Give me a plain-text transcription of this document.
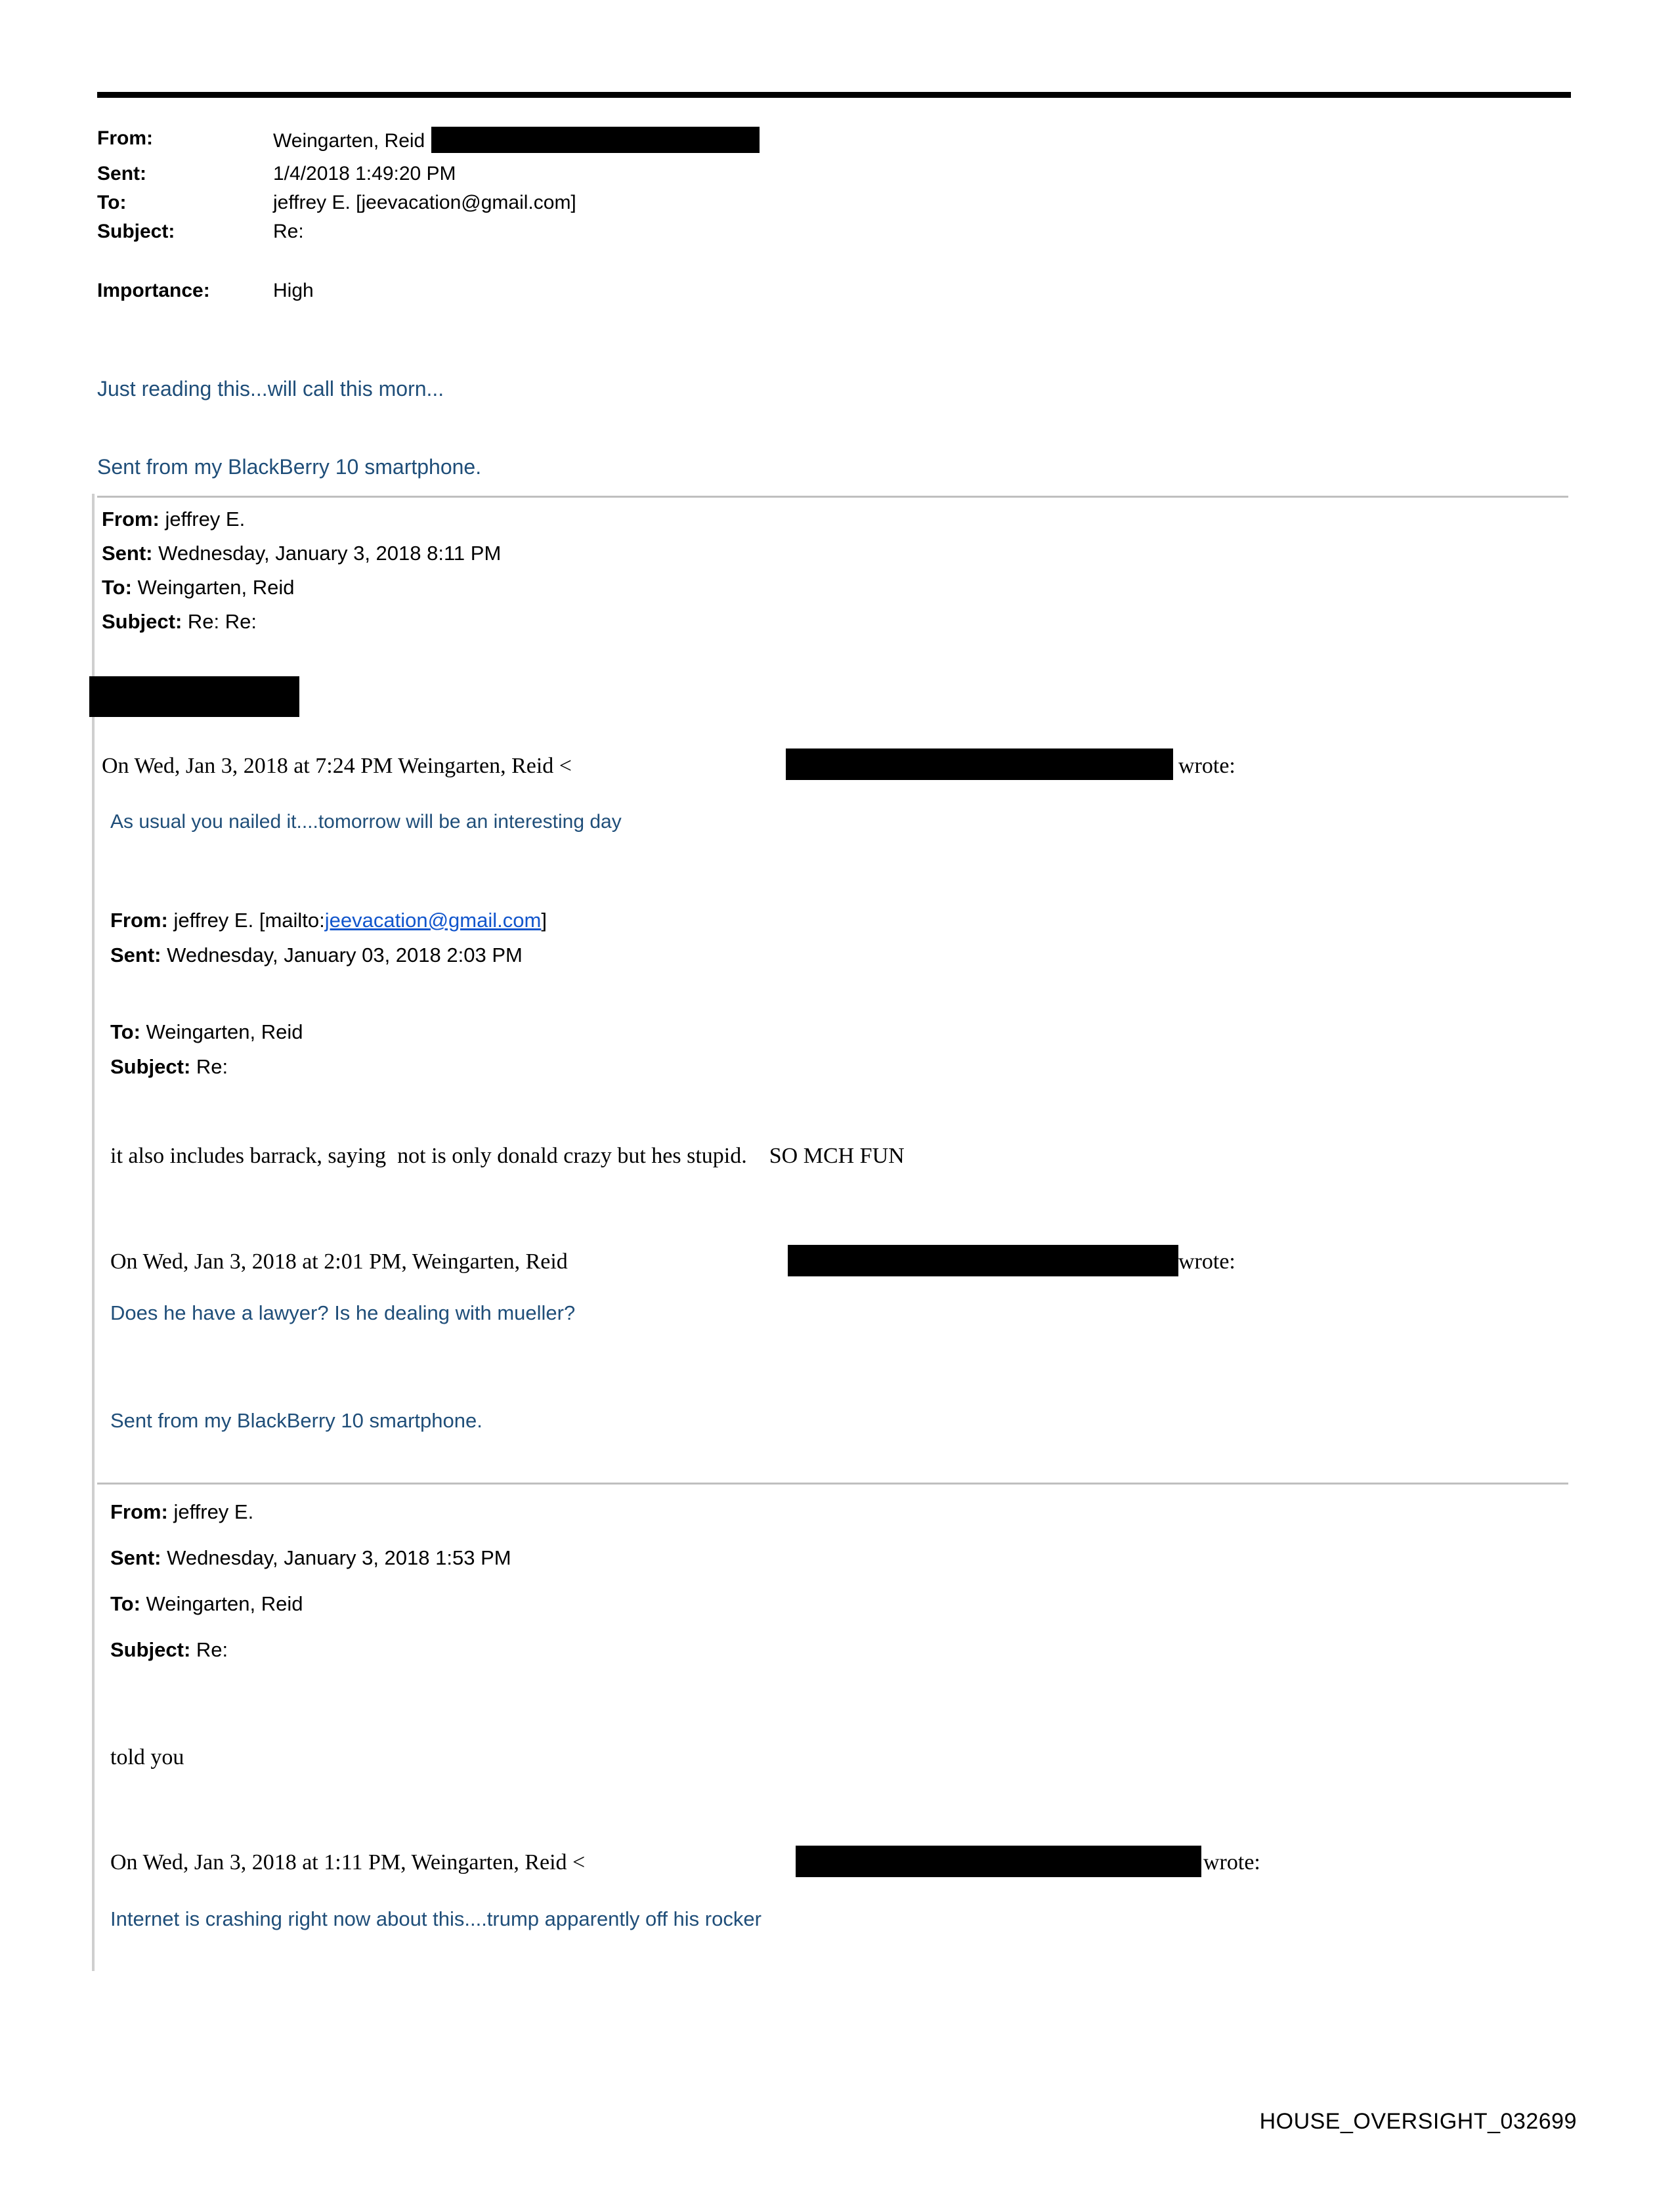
From:	Weingarten, Reid
Sent:	1/4/2018 1:49:20 PM
To:	jeffrey E. [jeevacation@gmail.com]
Subject:	Re:
Importance:	High
Just reading this...will call this morn...
Sent from my BlackBerry 10 smartphone.
From: jeffrey E.
Sent: Wednesday, January 3, 2018 8:11 PM
To: Weingarten, Reid
Subject: Re: Re:
On Wed, Jan 3, 2018 at 7:24 PM Weingarten, Reid <	wrote:
As usual you nailed it....tomorrow will be an interesting day
From: jeffrey E. [mailto:jeevacation@gmail.com]
Sent: Wednesday, January 03, 2018 2:03 PM
To: Weingarten, Reid
Subject: Re:
it also includes barrack, saying  not is only donald crazy but hes stupid.    SO MCH FUN
On Wed, Jan 3, 2018 at 2:01 PM, Weingarten, Reid	wrote:
Does he have a lawyer? Is he dealing with mueller?
Sent from my BlackBerry 10 smartphone.
From: jeffrey E.
Sent: Wednesday, January 3, 2018 1:53 PM
To: Weingarten, Reid
Subject: Re:
told you
On Wed, Jan 3, 2018 at 1:11 PM, Weingarten, Reid <	wrote:
Internet is crashing right now about this....trump apparently off his rocker
HOUSE_OVERSIGHT_032699
